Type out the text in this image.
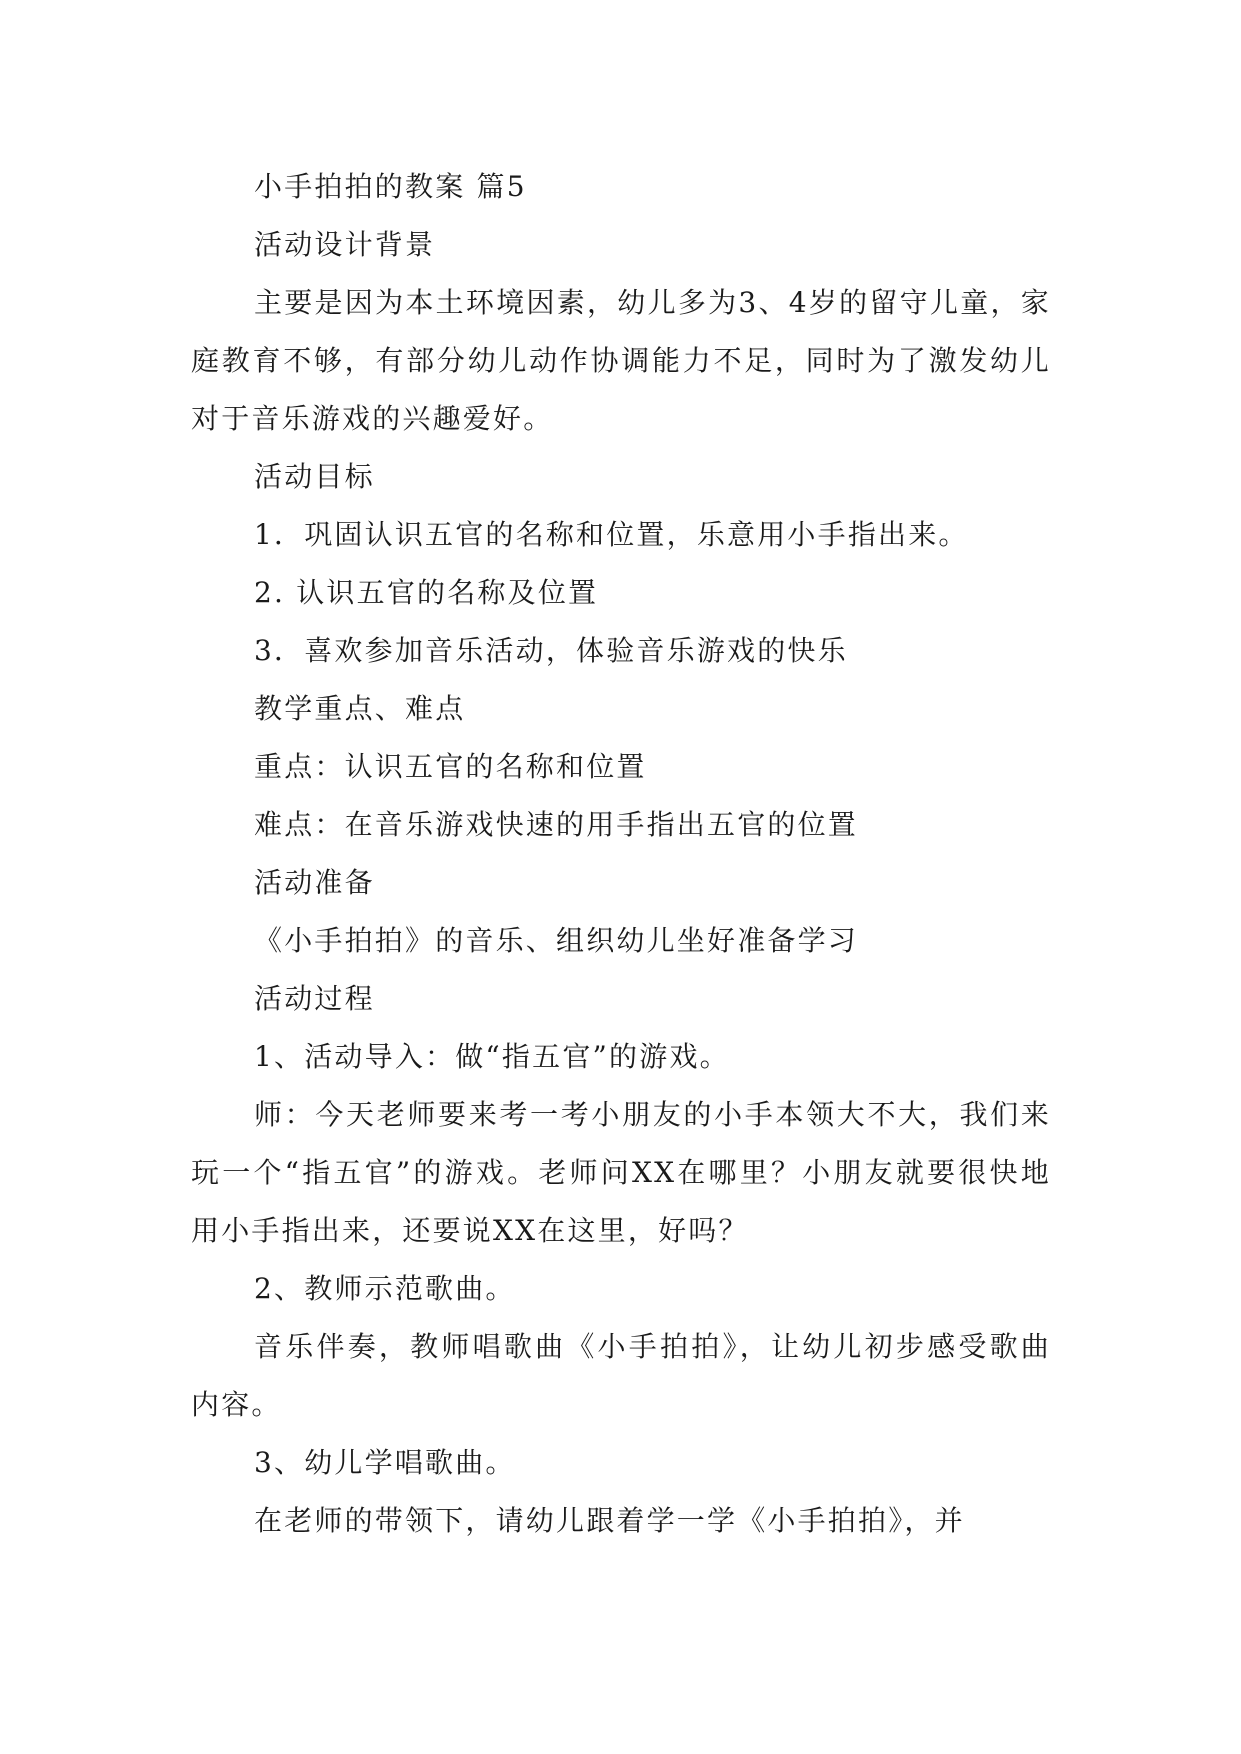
小手拍拍的教案 篇5

活动设计背景

主要是因为本土环境因素，幼儿多为3、4岁的留守儿童，家庭教育不够，有部分幼儿动作协调能力不足，同时为了激发幼儿对于音乐游戏的兴趣爱好。

活动目标

1．巩固认识五官的名称和位置，乐意用小手指出来。

2. 认识五官的名称及位置

3．喜欢参加音乐活动，体验音乐游戏的快乐

教学重点、难点

重点：认识五官的名称和位置

难点：在音乐游戏快速的用手指出五官的位置

活动准备

《小手拍拍》的音乐、组织幼儿坐好准备学习

活动过程

1、活动导入：做“指五官”的游戏。

师：今天老师要来考一考小朋友的小手本领大不大，我们来玩一个“指五官”的游戏。老师问XX在哪里？小朋友就要很快地用小手指出来，还要说XX在这里，好吗？

2、教师示范歌曲。

音乐伴奏，教师唱歌曲《小手拍拍》，让幼儿初步感受歌曲内容。

3、幼儿学唱歌曲。

在老师的带领下，请幼儿跟着学一学《小手拍拍》，并
